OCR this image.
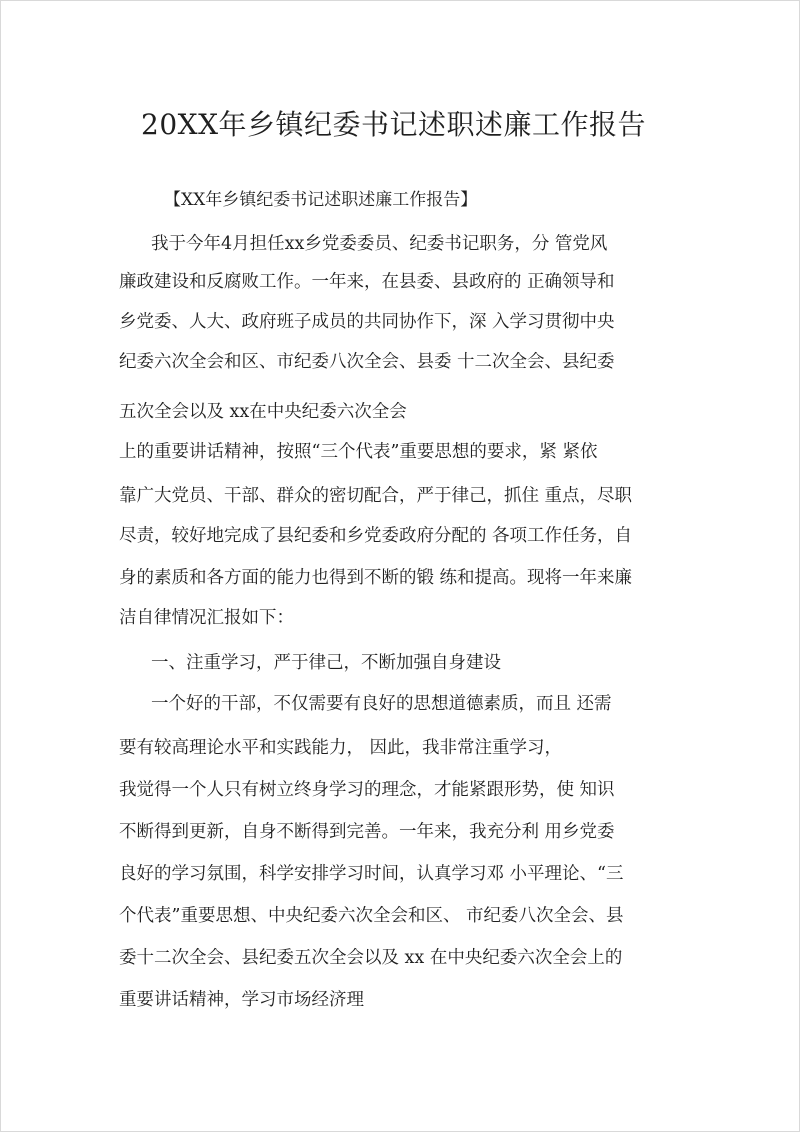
20XX年乡镇纪委书记述职述廉工作报告

【XX年乡镇纪委书记述职述廉工作报告】

我于今年4月担任xx乡党委委员、纪委书记职务，分 管党风

廉政建设和反腐败工作。一年来，在县委、县政府的 正确领导和

乡党委、人大、政府班子成员的共同协作下，深 入学习贯彻中央

纪委六次全会和区、市纪委八次全会、县委 十二次全会、县纪委

五次全会以及 xx在中央纪委六次全会

上的重要讲话精神，按照“三个代表”重要思想的要求，紧 紧依

靠广大党员、干部、群众的密切配合，严于律己，抓住 重点，尽职

尽责，较好地完成了县纪委和乡党委政府分配的 各项工作任务，自

身的素质和各方面的能力也得到不断的锻 练和提高。现将一年来廉

洁自律情况汇报如下：

一、注重学习，严于律己，不断加强自身建设

一个好的干部，不仅需要有良好的思想道德素质，而且 还需

要有较高理论水平和实践能力， 因此，我非常注重学习，

我觉得一个人只有树立终身学习的理念，才能紧跟形势，使 知识

不断得到更新，自身不断得到完善。一年来，我充分利 用乡党委

良好的学习氛围，科学安排学习时间，认真学习邓 小平理论、“三

个代表”重要思想、中央纪委六次全会和区、 市纪委八次全会、县

委十二次全会、县纪委五次全会以及 xx 在中央纪委六次全会上的

重要讲话精神，学习市场经济理
